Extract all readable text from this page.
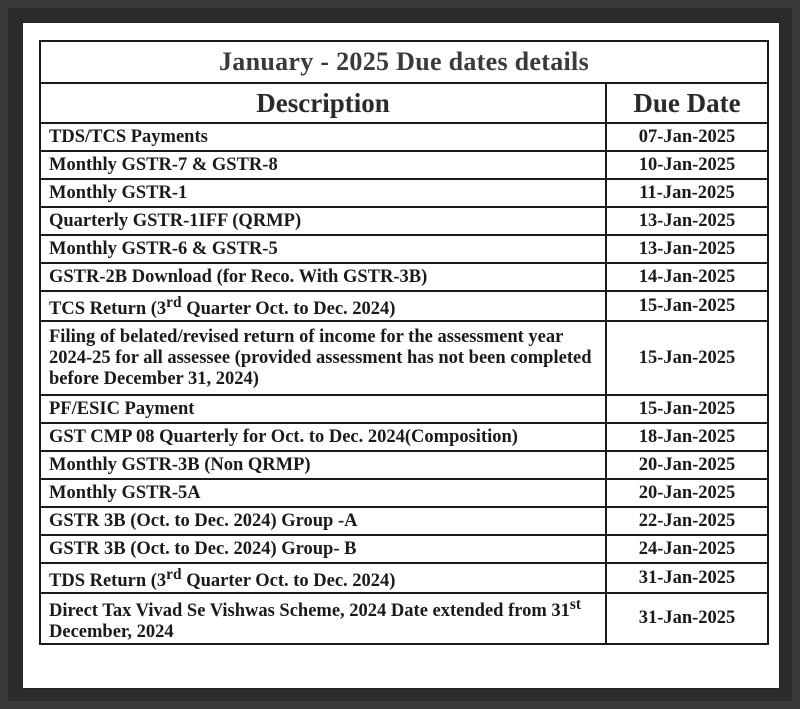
January - 2025 Due dates details
Description	Due Date
TDS/TCS Payments	07-Jan-2025
Monthly GSTR-7 & GSTR-8	10-Jan-2025
Monthly GSTR-1	11-Jan-2025
Quarterly GSTR-1IFF (QRMP)	13-Jan-2025
Monthly GSTR-6 & GSTR-5	13-Jan-2025
GSTR-2B Download (for Reco. With GSTR-3B)	14-Jan-2025
TCS Return (3rd Quarter Oct. to Dec. 2024)	15-Jan-2025
Filing of belated/revised return of income for the assessment year 2024-25 for all assessee (provided assessment has not been completed before December 31, 2024)	15-Jan-2025
PF/ESIC Payment	15-Jan-2025
GST CMP 08 Quarterly for Oct. to Dec. 2024(Composition)	18-Jan-2025
Monthly GSTR-3B (Non QRMP)	20-Jan-2025
Monthly GSTR-5A	20-Jan-2025
GSTR 3B (Oct. to Dec. 2024) Group -A	22-Jan-2025
GSTR 3B (Oct. to Dec. 2024) Group- B	24-Jan-2025
TDS Return (3rd Quarter Oct. to Dec. 2024)	31-Jan-2025
Direct Tax Vivad Se Vishwas Scheme, 2024 Date extended from 31st December, 2024	31-Jan-2025
